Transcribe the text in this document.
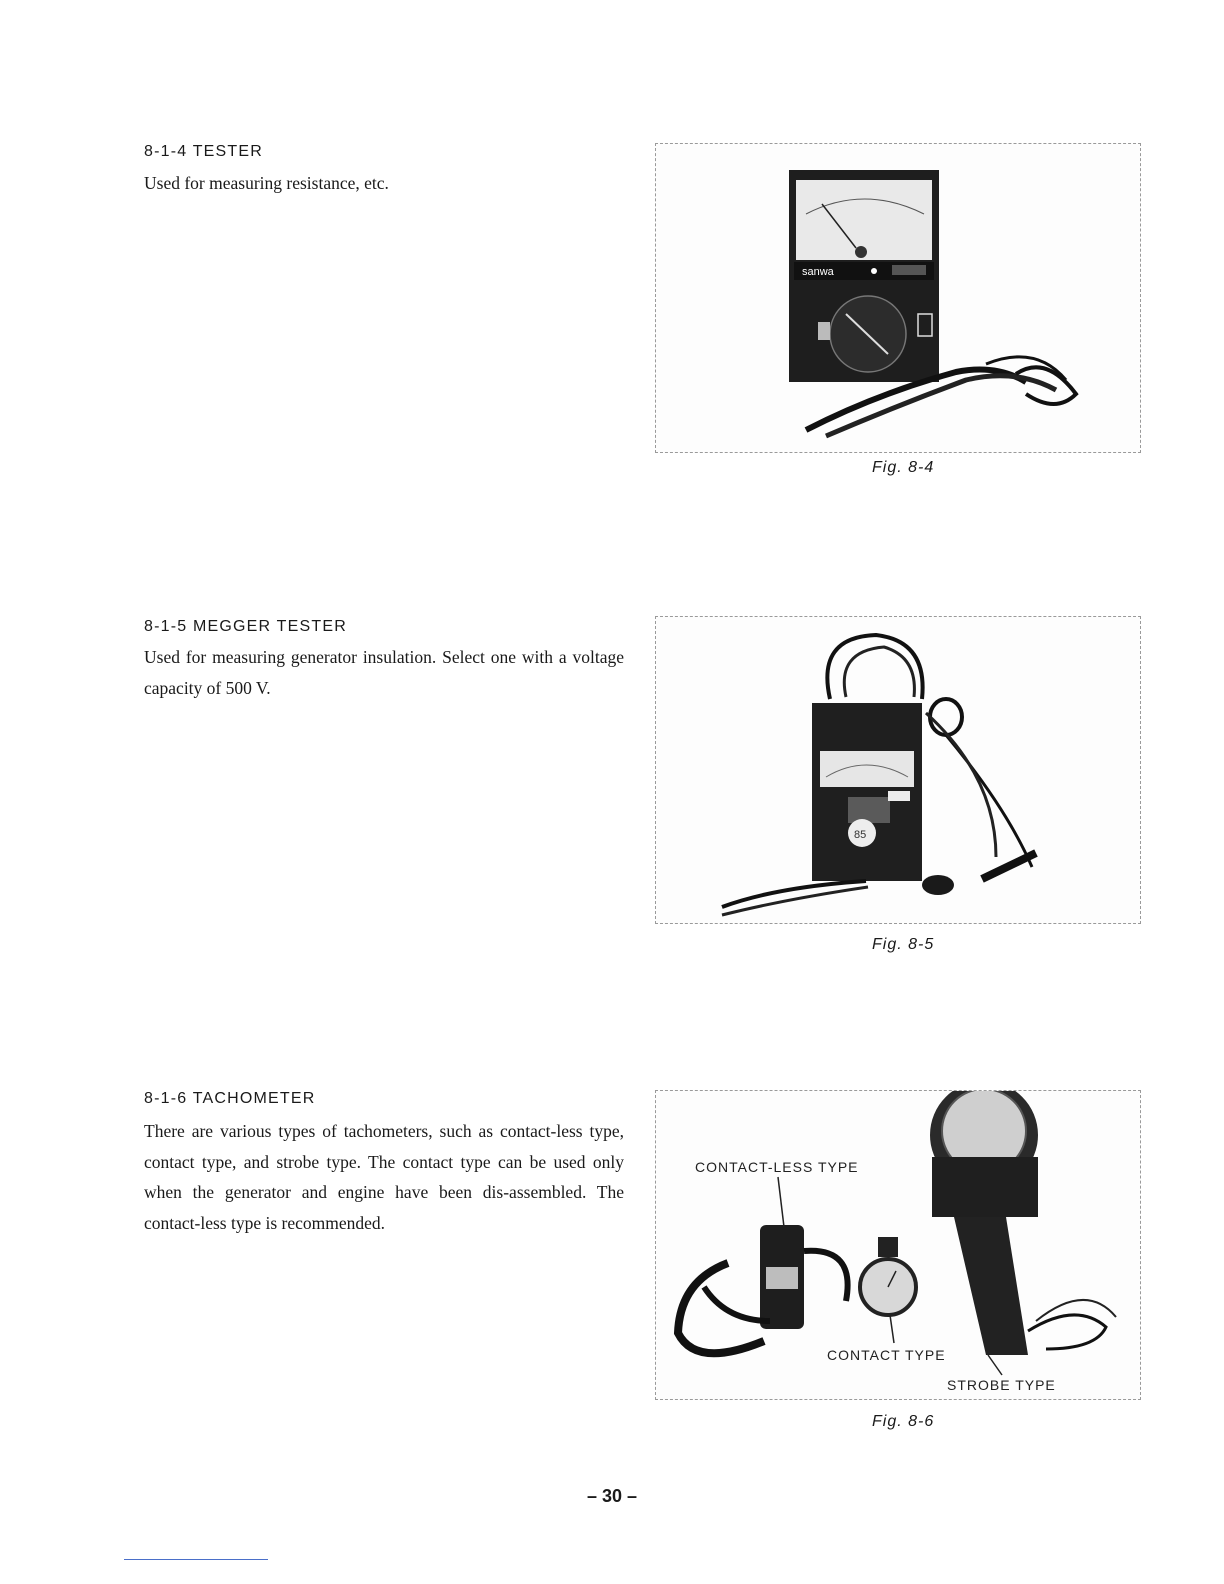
8-1-4 TESTER
Used for measuring resistance, etc.
sanwa
Fig. 8-4
8-1-5 MEGGER TESTER
Used for measuring generator insulation. Select one with a voltage capacity of 500 V.
85
Fig. 8-5
8-1-6 TACHOMETER
There are various types of tachometers, such as contact-less type, contact type, and strobe type. The contact type can be used only when the generator and engine have been dis-assembled. The contact-less type is recommended.
CONTACT-LESS TYPE
CONTACT TYPE
STROBE TYPE
Fig. 8-6
– 30 –
